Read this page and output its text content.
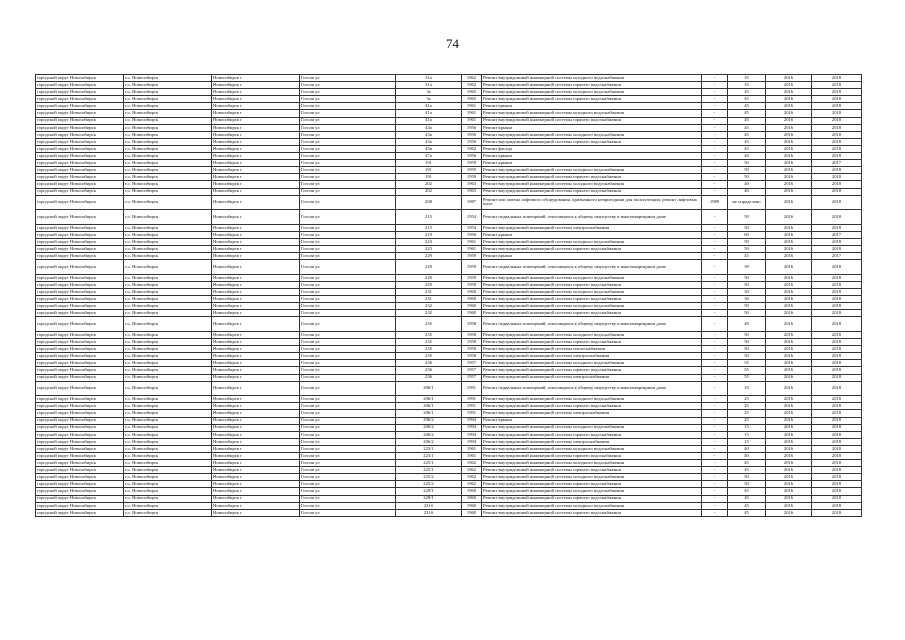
74
городской округ Новосибирск	г.о. Новосибирск	Новосибирск г	Гоголя ул	31а	1962	Ремонт внутридомовой инженерной системы холодного водоснабжения	-	35	2016	2018
городской округ Новосибирск	г.о. Новосибирск	Новосибирск г	Гоголя ул	31а	1962	Ремонт внутридомовой инженерной системы горячего водоснабжения	-	35	2016	2018
городской округ Новосибирск	г.о. Новосибирск	Новосибирск г	Гоголя ул	3а	1965	Ремонт внутридомовой инженерной системы холодного водоснабжения	-	45	2016	2018
городской округ Новосибирск	г.о. Новосибирск	Новосибирск г	Гоголя ул	3а	1965	Ремонт внутридомовой инженерной системы горячего водоснабжения	-	45	2016	2018
городской округ Новосибирск	г.о. Новосибирск	Новосибирск г	Гоголя ул	41а	1961	Ремонт крыши	-	45	2016	2018
городской округ Новосибирск	г.о. Новосибирск	Новосибирск г	Гоголя ул	41а	1961	Ремонт внутридомовой инженерной системы холодного водоснабжения	-	45	2016	2018
городской округ Новосибирск	г.о. Новосибирск	Новосибирск г	Гоголя ул	41а	1961	Ремонт внутридомовой инженерной системы горячего водоснабжения	-	45	2016	2018
городской округ Новосибирск	г.о. Новосибирск	Новосибирск г	Гоголя ул	43а	1956	Ремонт крыши	-	45	2016	2018
городской округ Новосибирск	г.о. Новосибирск	Новосибирск г	Гоголя ул	43а	1956	Ремонт внутридомовой инженерной системы холодного водоснабжения	-	45	2016	2018
городской округ Новосибирск	г.о. Новосибирск	Новосибирск г	Гоголя ул	43а	1956	Ремонт внутридомовой инженерной системы горячего водоснабжения	-	45	2016	2018
городской округ Новосибирск	г.о. Новосибирск	Новосибирск г	Гоголя ул	43в	1962	Ремонт фасада	-	45	2016	2018
городской округ Новосибирск	г.о. Новосибирск	Новосибирск г	Гоголя ул	47а	1956	Ремонт крыши	-	40	2016	2018
городской округ Новосибирск	г.о. Новосибирск	Новосибирск г	Гоголя ул	191	1959	Ремонт крыши	-	50	2016	2017
городской округ Новосибирск	г.о. Новосибирск	Новосибирск г	Гоголя ул	191	1959	Ремонт внутридомовой инженерной системы холодного водоснабжения	-	50	2016	2018
городской округ Новосибирск	г.о. Новосибирск	Новосибирск г	Гоголя ул	191	1959	Ремонт внутридомовой инженерной системы горячего водоснабжения	-	50	2016	2018
городской округ Новосибирск	г.о. Новосибирск	Новосибирск г	Гоголя ул	202	1963	Ремонт внутридомовой инженерной системы холодного водоснабжения	-	40	2016	2018
городской округ Новосибирск	г.о. Новосибирск	Новосибирск г	Гоголя ул	202	1963	Ремонт внутридомовой инженерной системы горячего водоснабжения	-	40	2016	2018
городской округ Новосибирск	г.о. Новосибирск	Новосибирск г	Гоголя ул	208	1987	Ремонт или замена лифтового оборудования, признанного непригодным для эксплуатации, ремонт лифтовых шахт	1989	не определено	2016	2018
городской округ Новосибирск	г.о. Новосибирск	Новосибирск г	Гоголя ул	215	1954	Ремонт подвальных помещений, относящихся к общему имуществу в многоквартирном доме	-	59	2016	2018
городской округ Новосибирск	г.о. Новосибирск	Новосибирск г	Гоголя ул	215	1954	Ремонт внутридомовой инженерной системы электроснабжения	-	50	2016	2018
городской округ Новосибирск	г.о. Новосибирск	Новосибирск г	Гоголя ул	219	1956	Ремонт крыши	-	60	2016	2017
городской округ Новосибирск	г.о. Новосибирск	Новосибирск г	Гоголя ул	223	1961	Ремонт внутридомовой инженерной системы холодного водоснабжения	-	50	2016	2018
городской округ Новосибирск	г.о. Новосибирск	Новосибирск г	Гоголя ул	223	1961	Ремонт внутридомовой инженерной системы горячего водоснабжения	-	50	2016	2018
городской округ Новосибирск	г.о. Новосибирск	Новосибирск г	Гоголя ул	229	1959	Ремонт крыши	-	45	2016	2017
городской округ Новосибирск	г.о. Новосибирск	Новосибирск г	Гоголя ул	229	1959	Ремонт подвальных помещений, относящихся к общему имуществу в многоквартирном доме	-	39	2016	2018
городской округ Новосибирск	г.о. Новосибирск	Новосибирск г	Гоголя ул	229	1959	Ремонт внутридомовой инженерной системы холодного водоснабжения	-	50	2016	2018
городской округ Новосибирск	г.о. Новосибирск	Новосибирск г	Гоголя ул	229	1959	Ремонт внутридомовой инженерной системы горячего водоснабжения	-	50	2016	2018
городской округ Новосибирск	г.о. Новосибирск	Новосибирск г	Гоголя ул	231	1960	Ремонт внутридомовой инженерной системы холодного водоснабжения	-	30	2016	2018
городской округ Новосибирск	г.о. Новосибирск	Новосибирск г	Гоголя ул	231	1960	Ремонт внутридомовой инженерной системы горячего водоснабжения	-	30	2016	2018
городской округ Новосибирск	г.о. Новосибирск	Новосибирск г	Гоголя ул	232	1960	Ремонт внутридомовой инженерной системы холодного водоснабжения	-	50	2016	2018
городской округ Новосибирск	г.о. Новосибирск	Новосибирск г	Гоголя ул	232	1960	Ремонт внутридомовой инженерной системы горячего водоснабжения	-	50	2016	2018
городской округ Новосибирск	г.о. Новосибирск	Новосибирск г	Гоголя ул	235	1958	Ремонт подвальных помещений, относящихся к общему имуществу в многоквартирном доме	-	49	2016	2018
городской округ Новосибирск	г.о. Новосибирск	Новосибирск г	Гоголя ул	235	1958	Ремонт внутридомовой инженерной системы холодного водоснабжения	-	50	2016	2018
городской округ Новосибирск	г.о. Новосибирск	Новосибирск г	Гоголя ул	235	1958	Ремонт внутридомовой инженерной системы горячего водоснабжения	-	50	2016	2018
городской округ Новосибирск	г.о. Новосибирск	Новосибирск г	Гоголя ул	235	1958	Ремонт внутридомовой инженерной системы теплоснабжения	-	50	2016	2018
городской округ Новосибирск	г.о. Новосибирск	Новосибирск г	Гоголя ул	235	1958	Ремонт внутридомовой инженерной системы электроснабжения	-	50	2016	2018
городской округ Новосибирск	г.о. Новосибирск	Новосибирск г	Гоголя ул	236	1957	Ремонт внутридомовой инженерной системы холодного водоснабжения	-	55	2016	2018
городской округ Новосибирск	г.о. Новосибирск	Новосибирск г	Гоголя ул	236	1957	Ремонт внутридомовой инженерной системы горячего водоснабжения	-	55	2016	2018
городской округ Новосибирск	г.о. Новосибирск	Новосибирск г	Гоголя ул	236	1957	Ремонт внутридомовой инженерной системы электроснабжения	-	55	2016	2018
городской округ Новосибирск	г.о. Новосибирск	Новосибирск г	Гоголя ул	206/1	1991	Ремонт подвальных помещений, относящихся к общему имуществу в многоквартирном доме	-	19	2016	2018
городской округ Новосибирск	г.о. Новосибирск	Новосибирск г	Гоголя ул	206/1	1991	Ремонт внутридомовой инженерной системы холодного водоснабжения	-	25	2016	2018
городской округ Новосибирск	г.о. Новосибирск	Новосибирск г	Гоголя ул	206/1	1991	Ремонт внутридомовой инженерной системы горячего водоснабжения	-	25	2016	2018
городской округ Новосибирск	г.о. Новосибирск	Новосибирск г	Гоголя ул	206/1	1991	Ремонт внутридомовой инженерной системы электроснабжения	-	25	2016	2018
городской округ Новосибирск	г.о. Новосибирск	Новосибирск г	Гоголя ул	206/2	1994	Ремонт крыши	-	25	2016	2018
городской округ Новосибирск	г.о. Новосибирск	Новосибирск г	Гоголя ул	206/2	1994	Ремонт внутридомовой инженерной системы холодного водоснабжения	-	15	2016	2018
городской округ Новосибирск	г.о. Новосибирск	Новосибирск г	Гоголя ул	206/2	1994	Ремонт внутридомовой инженерной системы горячего водоснабжения	-	15	2016	2018
городской округ Новосибирск	г.о. Новосибирск	Новосибирск г	Гоголя ул	206/2	1994	Ремонт внутридомовой инженерной системы электроснабжения	-	15	2016	2018
городской округ Новосибирск	г.о. Новосибирск	Новосибирск г	Гоголя ул	223/1	1961	Ремонт внутридомовой инженерной системы холодного водоснабжения	-	40	2016	2018
городской округ Новосибирск	г.о. Новосибирск	Новосибирск г	Гоголя ул	223/1	1961	Ремонт внутридомовой инженерной системы горячего водоснабжения	-	40	2016	2018
городской округ Новосибирск	г.о. Новосибирск	Новосибирск г	Гоголя ул	225/1	1962	Ремонт внутридомовой инженерной системы холодного водоснабжения	-	45	2016	2018
городской округ Новосибирск	г.о. Новосибирск	Новосибирск г	Гоголя ул	225/1	1962	Ремонт внутридомовой инженерной системы горячего водоснабжения	-	45	2016	2018
городской округ Новосибирск	г.о. Новосибирск	Новосибирск г	Гоголя ул	225/2	1962	Ремонт внутридомовой инженерной системы холодного водоснабжения	-	50	2016	2018
городской округ Новосибирск	г.о. Новосибирск	Новосибирск г	Гоголя ул	225/2	1962	Ремонт внутридомовой инженерной системы горячего водоснабжения	-	50	2016	2018
городской округ Новосибирск	г.о. Новосибирск	Новосибирск г	Гоголя ул	229/1	1960	Ремонт внутридомовой инженерной системы холодного водоснабжения	-	45	2016	2018
городской округ Новосибирск	г.о. Новосибирск	Новосибирск г	Гоголя ул	229/1	1960	Ремонт внутридомовой инженерной системы горячего водоснабжения	-	45	2016	2018
городской округ Новосибирск	г.о. Новосибирск	Новосибирск г	Гоголя ул	231б	1960	Ремонт внутридомовой инженерной системы холодного водоснабжения	-	45	2016	2018
городской округ Новосибирск	г.о. Новосибирск	Новосибирск г	Гоголя ул	231б	1960	Ремонт внутридомовой инженерной системы горячего водоснабжения	-	45	2016	2018
